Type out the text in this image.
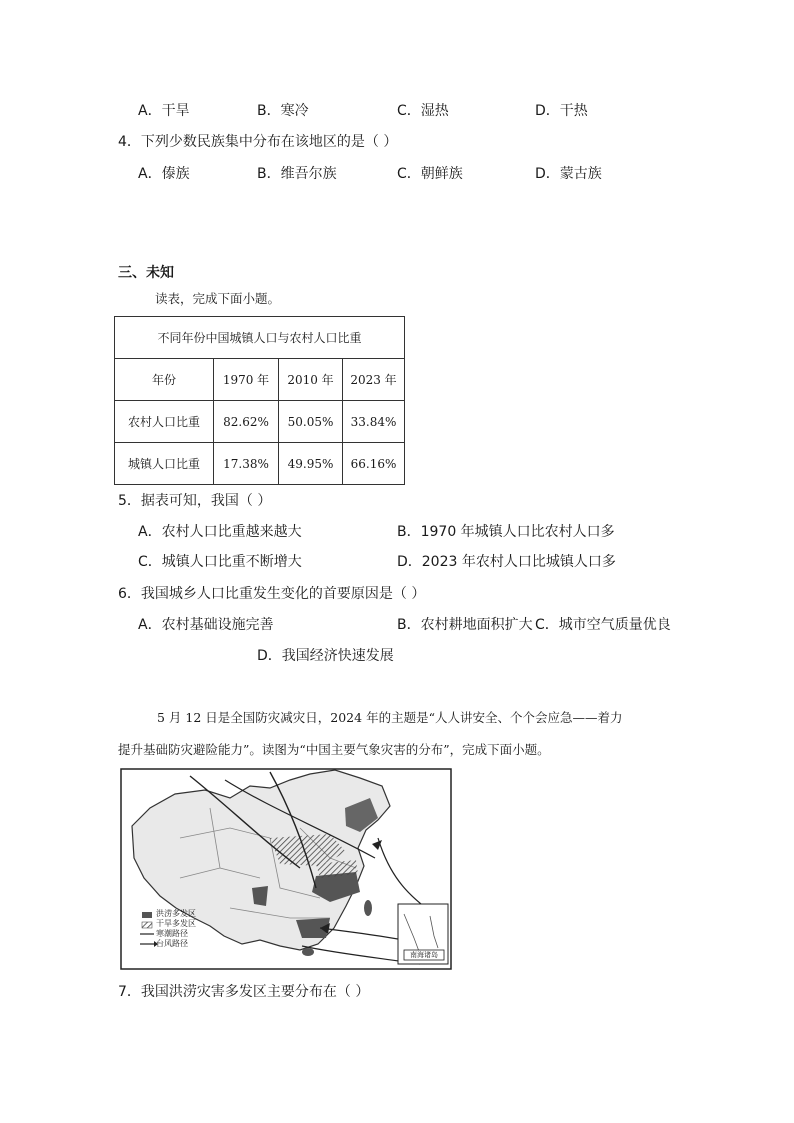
A．干旱	B．寒冷	C．湿热	D．干热
4．下列少数民族集中分布在该地区的是（ ）
A．傣族	B．维吾尔族	C．朝鲜族	D．蒙古族
三、未知
读表，完成下面小题。
不同年份中国城镇人口与农村人口比重			
年份	1970 年	2010 年	2023 年
农村人口比重	82.62%	50.05%	33.84%
城镇人口比重	17.38%	49.95%	66.16%
5．据表可知，我国（ ）
A．农村人口比重越来越大	B．1970 年城镇人口比农村人口多
C．城镇人口比重不断增大	D．2023 年农村人口比城镇人口多
6．我国城乡人口比重发生变化的首要原因是（ ）
A．农村基础设施完善	B．农村耕地面积扩大 C．城市空气质量优良
D．我国经济快速发展
5 月 12 日是全国防灾减灾日，2024 年的主题是“人人讲安全、个个会应急——着力
提升基础防灾避险能力”。读图为“中国主要气象灾害的分布”，完成下面小题。
洪涝多发区
干旱多发区
寒潮路径
台风路径
南海诸岛
7．我国洪涝灾害多发区主要分布在（ ）
